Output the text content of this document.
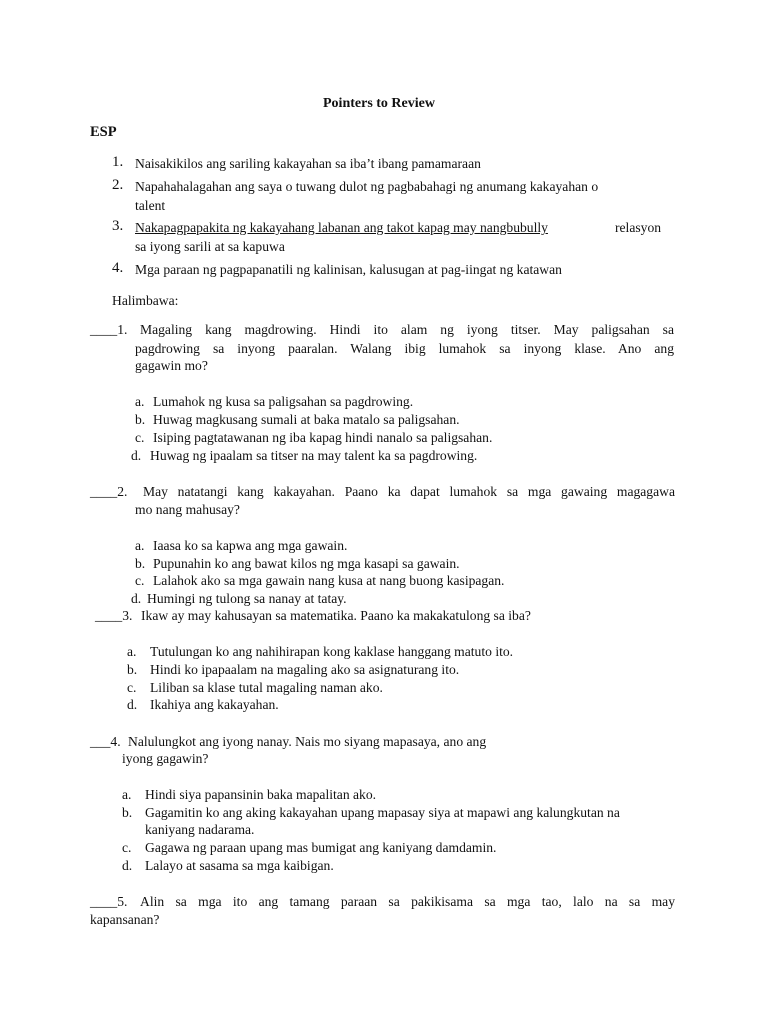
Pointers to Review
ESP
1. Naisakikilos ang sariling kakayahan sa iba’t ibang pamamaraan
2. Napahahalagahan ang saya o tuwang dulot ng pagbabahagi ng anumang kakayahan o
talent
3. Nakapagpapakita ng kakayahang labanan ang takot kapag may nangbubully	relasyon
sa iyong sarili at sa kapuwa
4. Mga paraan ng pagpapanatili ng kalinisan, kalusugan at pag-iingat ng katawan
Halimbawa:
____1. Magaling kang magdrowing. Hindi ito alam ng iyong titser. May paligsahan sa
pagdrowing sa inyong paaralan. Walang ibig lumahok sa inyong klase. Ano ang
gagawin mo?
a. Lumahok ng kusa sa paligsahan sa pagdrowing.
b. Huwag magkusang sumali at baka matalo sa paligsahan.
c. Isiping pagtatawanan ng iba kapag hindi nanalo sa paligsahan.
d. Huwag ng ipaalam sa titser na may talent ka sa pagdrowing.
____2. May natatangi kang kakayahan. Paano ka dapat lumahok sa mga gawaing magagawa
mo nang mahusay?
a. Iaasa ko sa kapwa ang mga gawain.
b. Pupunahin ko ang bawat kilos ng mga kasapi sa gawain.
c. Lalahok ako sa mga gawain nang kusa at nang buong kasipagan.
d. Humingi ng tulong sa nanay at tatay.
____3. Ikaw ay may kahusayan sa matematika. Paano ka makakatulong sa iba?
a. Tutulungan ko ang nahihirapan kong kaklase hanggang matuto ito.
b. Hindi ko ipapaalam na magaling ako sa asignaturang ito.
c. Liliban sa klase tutal magaling naman ako.
d. Ikahiya ang kakayahan.
___4. Nalulungkot ang iyong nanay. Nais mo siyang mapasaya, ano ang
iyong gagawin?
a. Hindi siya papansinin baka mapalitan ako.
b. Gagamitin ko ang aking kakayahan upang mapasay siya at mapawi ang kalungkutan na
kaniyang nadarama.
c. Gagawa ng paraan upang mas bumigat ang kaniyang damdamin.
d. Lalayo at sasama sa mga kaibigan.
____5. Alin sa mga ito ang tamang paraan sa pakikisama sa mga tao, lalo na sa may
kapansanan?
